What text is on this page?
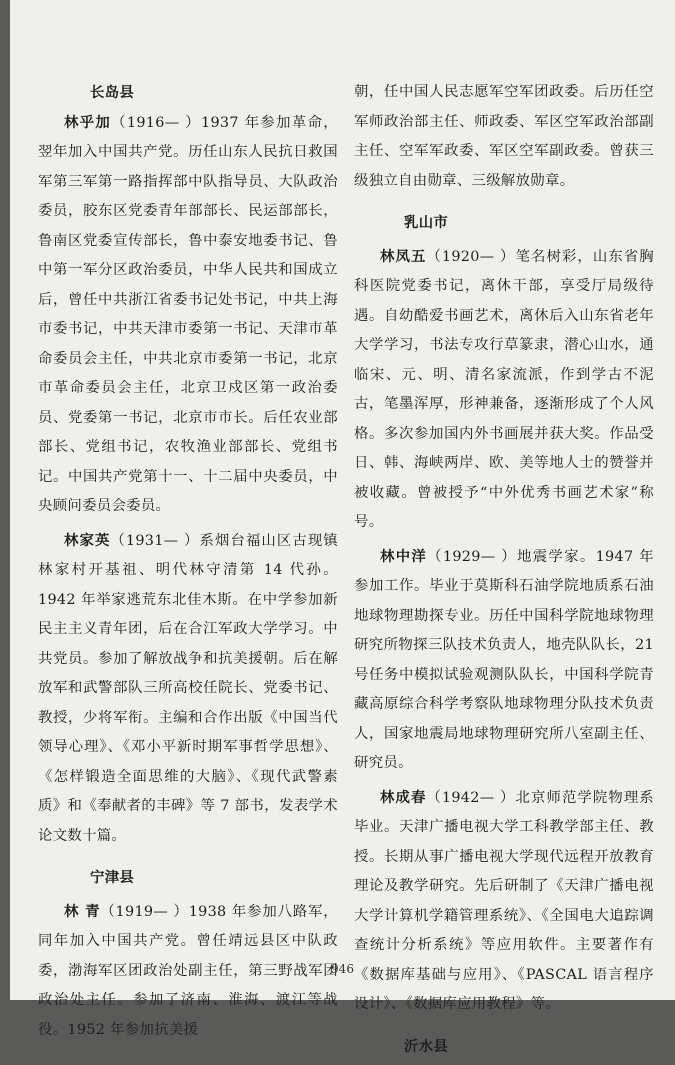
长岛县

林乎加（1916— ）1937 年参加革命，翌年加入中国共产党。历任山东人民抗日救国军第三军第一路指挥部中队指导员、大队政治委员，胶东区党委青年部部长、民运部部长，鲁南区党委宣传部长，鲁中泰安地委书记、鲁中第一军分区政治委员，中华人民共和国成立后，曾任中共浙江省委书记处书记，中共上海市委书记，中共天津市委第一书记、天津市革命委员会主任，中共北京市委第一书记，北京市革命委员会主任，北京卫戍区第一政治委员、党委第一书记，北京市市长。后任农业部部长、党组书记，农牧渔业部部长、党组书记。中国共产党第十一、十二届中央委员，中央顾问委员会委员。

林家英（1931— ）系烟台福山区古现镇林家村开基祖、明代林守清第 14 代孙。1942 年举家逃荒东北佳木斯。在中学参加新民主主义青年团，后在合江军政大学学习。中共党员。参加了解放战争和抗美援朝。后在解放军和武警部队三所高校任院长、党委书记、教授，少将军衔。主编和合作出版《中国当代领导心理》、《邓小平新时期军事哲学思想》、《怎样锻造全面思维的大脑》、《现代武警素质》和《奉献者的丰碑》等 7 部书，发表学术论文数十篇。

宁津县

林 青（1919— ）1938 年参加八路军，同年加入中国共产党。曾任靖远县区中队政委，渤海军区团政治处副主任，第三野战军团政治处主任。参加了济南、淮海、渡江等战役。1952 年参加抗美援

朝，任中国人民志愿军空军团政委。后历任空军师政治部主任、师政委、军区空军政治部副主任、空军军政委、军区空军副政委。曾获三级独立自由勋章、三级解放勋章。

乳山市

林凤五（1920— ）笔名树彩，山东省胸科医院党委书记，离休干部，享受厅局级待遇。自幼酷爱书画艺术，离休后入山东省老年大学学习，书法专攻行草篆隶，潜心山水，通临宋、元、明、清名家流派，作到学古不泥古，笔墨浑厚，形神兼备，逐渐形成了个人风格。多次参加国内外书画展并获大奖。作品受日、韩、海峡两岸、欧、美等地人士的赞誉并被收藏。曾被授予“中外优秀书画艺术家”称号。

林中洋（1929— ）地震学家。1947 年参加工作。毕业于莫斯科石油学院地质系石油地球物理勘探专业。历任中国科学院地球物理研究所物探三队技术负责人，地壳队队长，21 号任务中模拟试验观测队队长，中国科学院青藏高原综合科学考察队地球物理分队技术负责人，国家地震局地球物理研究所八室副主任、研究员。

林成春（1942— ）北京师范学院物理系毕业。天津广播电视大学工科教学部主任、教授。长期从事广播电视大学现代远程开放教育理论及教学研究。先后研制了《天津广播电视大学计算机学籍管理系统》、《全国电大追踪调查统计分析系统》等应用软件。主要著作有《数据库基础与应用》、《PASCAL 语言程序设计》、《数据库应用教程》等。

沂水县

946
